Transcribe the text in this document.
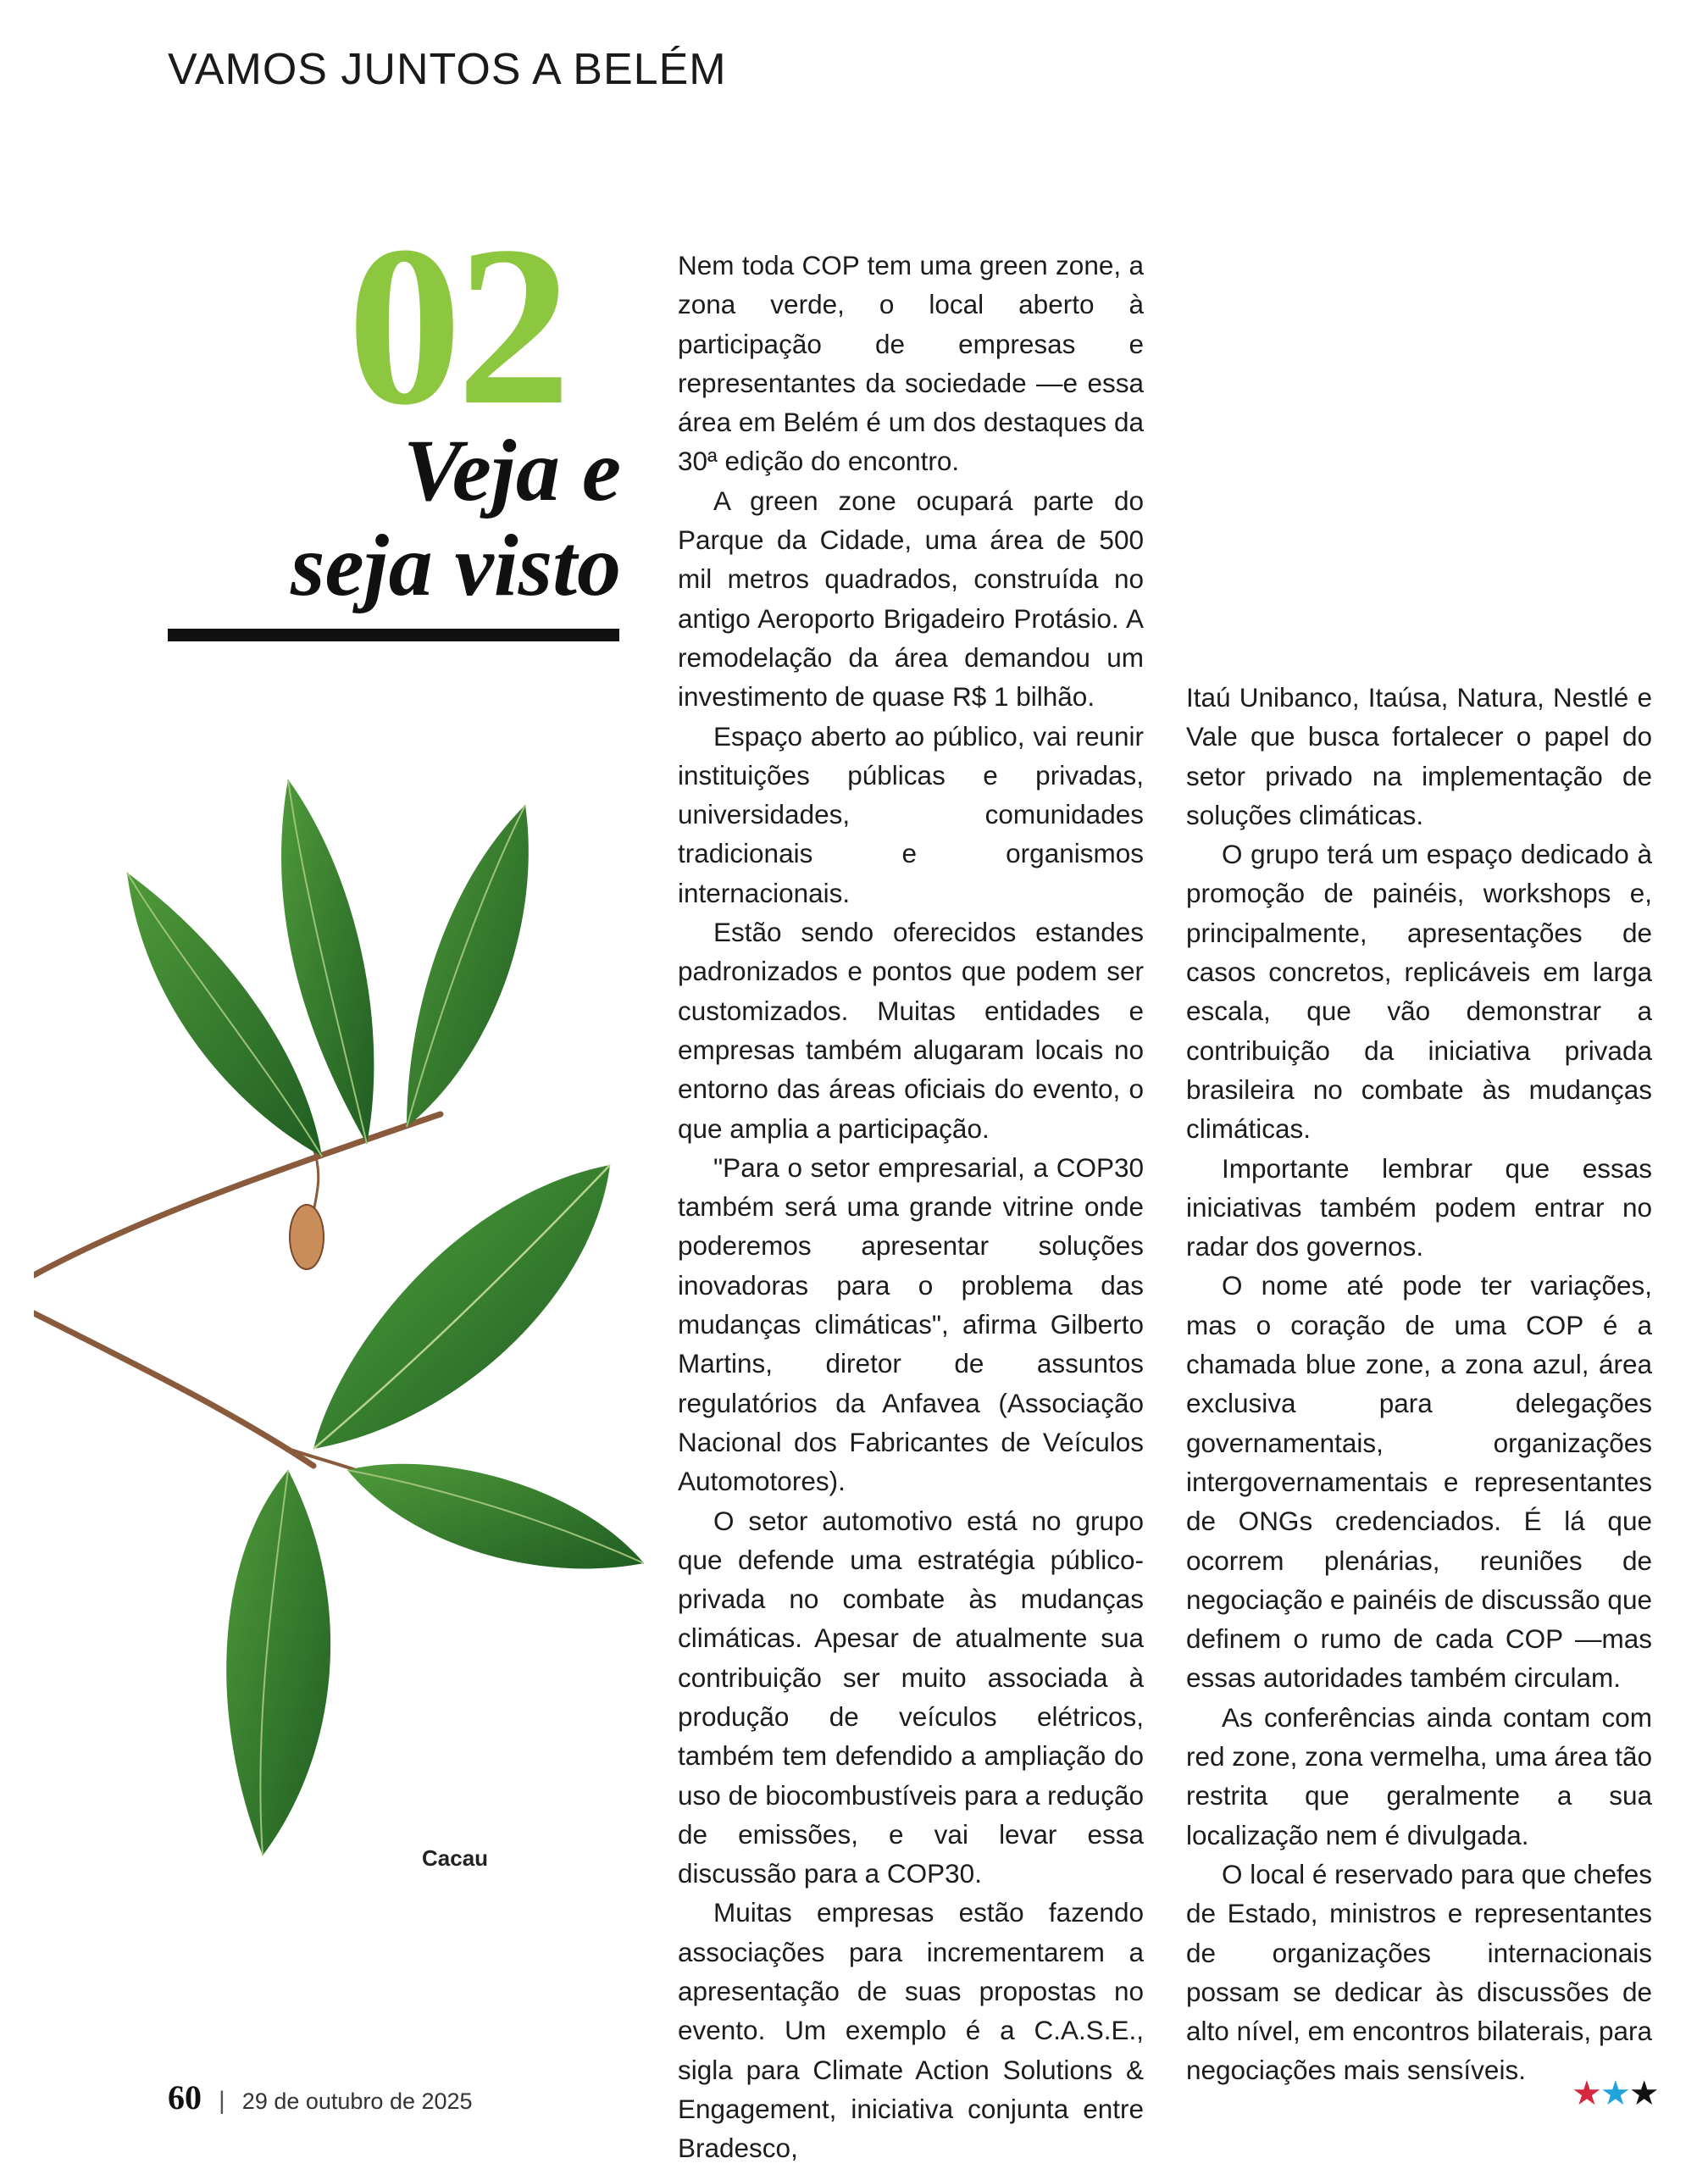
VAMOS JUNTOS A BELÉM
02
Veja e
seja visto
Cacau

Nem toda COP tem uma green zone, a zona verde, o local aberto à participação de empresas e representantes da sociedade —e essa área em Belém é um dos destaques da 30ª edição do encontro.

A green zone ocupará parte do Parque da Cidade, uma área de 500 mil metros quadrados, construída no antigo Aeroporto Brigadeiro Protásio. A remodelação da área demandou um investimento de quase R$ 1 bilhão.

Espaço aberto ao público, vai reunir instituições públicas e privadas, universidades, comunidades tradicionais e organismos internacionais.

Estão sendo oferecidos estandes padronizados e pontos que podem ser customizados. Muitas entidades e empresas também alugaram locais no entorno das áreas oficiais do evento, o que amplia a participação.

"Para o setor empresarial, a COP30 também será uma grande vitrine onde poderemos apresentar soluções inovadoras para o problema das mudanças climáticas", afirma Gilberto Martins, diretor de assuntos regulatórios da Anfavea (Associação Nacional dos Fabricantes de Veículos Automotores).

O setor automotivo está no grupo que defende uma estratégia público-privada no combate às mudanças climáticas. Apesar de atualmente sua contribuição ser muito associada à produção de veículos elétricos, também tem defendido a ampliação do uso de biocombustíveis para a redução de emissões, e vai levar essa discussão para a COP30.

Muitas empresas estão fazendo associações para incrementarem a apresentação de suas propostas no evento. Um exemplo é a C.A.S.E., sigla para Climate Action Solutions & Engagement, iniciativa conjunta entre Bradesco,

Itaú Unibanco, Itaúsa, Natura, Nestlé e Vale que busca fortalecer o papel do setor privado na implementação de soluções climáticas.

O grupo terá um espaço dedicado à promoção de painéis, workshops e, principalmente, apresentações de casos concretos, replicáveis em larga escala, que vão demonstrar a contribuição da iniciativa privada brasileira no combate às mudanças climáticas.

Importante lembrar que essas iniciativas também podem entrar no radar dos governos.

O nome até pode ter variações, mas o coração de uma COP é a chamada blue zone, a zona azul, área exclusiva para delegações governamentais, organizações intergovernamentais e representantes de ONGs credenciados. É lá que ocorrem plenárias, reuniões de negociação e painéis de discussão que definem o rumo de cada COP —mas essas autoridades também circulam.

As conferências ainda contam com red zone, zona vermelha, uma área tão restrita que geralmente a sua localização nem é divulgada.

O local é reservado para que chefes de Estado, ministros e representantes de organizações internacionais possam se dedicar às discussões de alto nível, em encontros bilaterais, para negociações mais sensíveis.

60 | 29 de outubro de 2025	★★★
